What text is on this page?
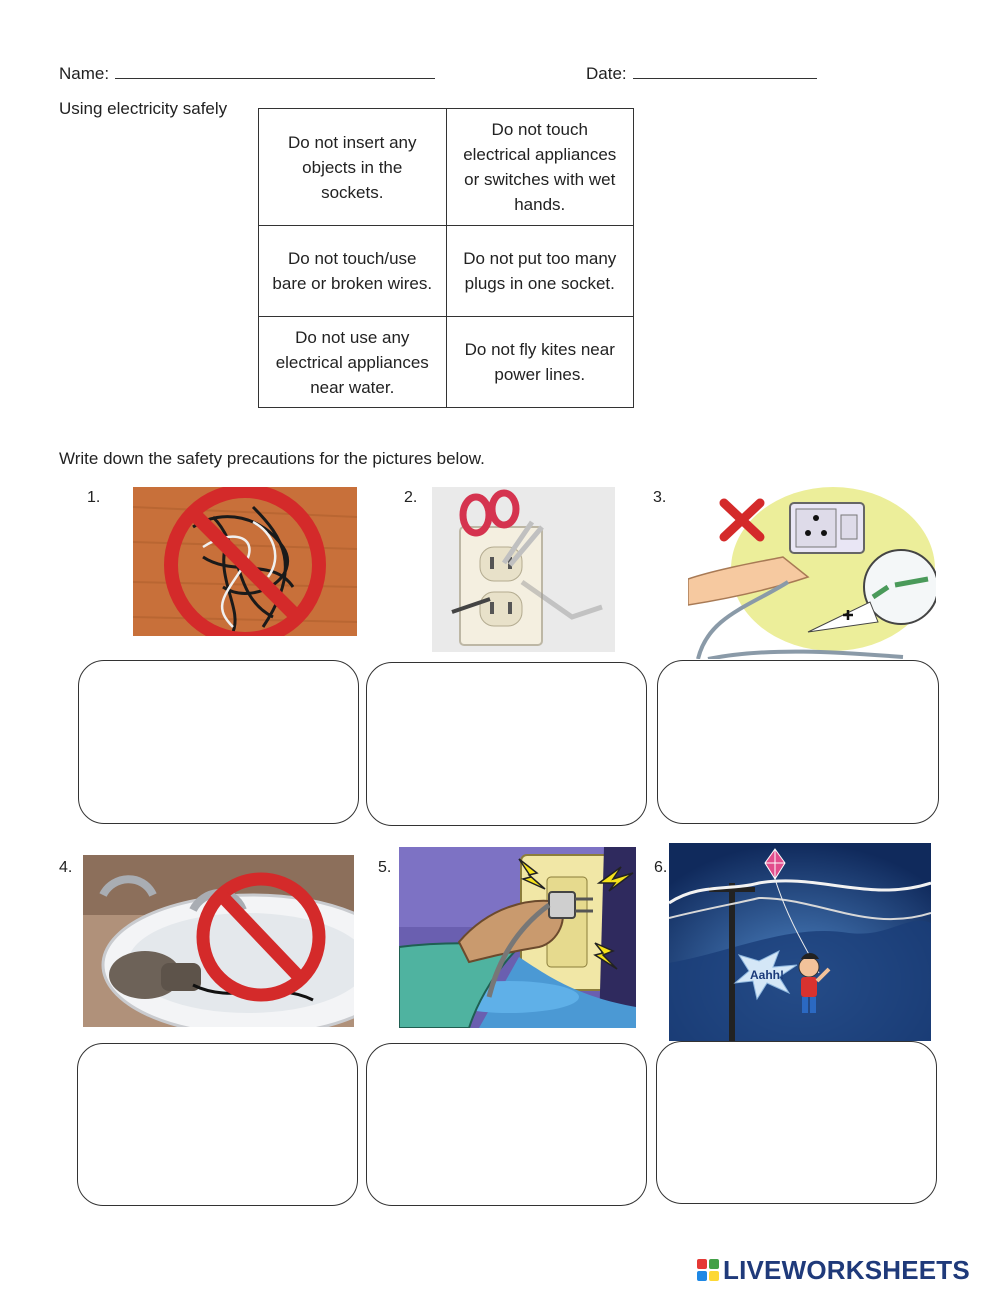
Name:	Date:
Using electricity safely
Do not insert any objects in the sockets.	Do not touch electrical appliances or switches with wet hands.
Do not touch/use bare or broken wires.	Do not put too many plugs in one socket.
Do not use any electrical appliances near water.	Do not fly kites near power lines.
Write down the safety precautions for the pictures below.
1.	2.	3.
4.	5.	6.
Aahh!
LIVEWORKSHEETS
